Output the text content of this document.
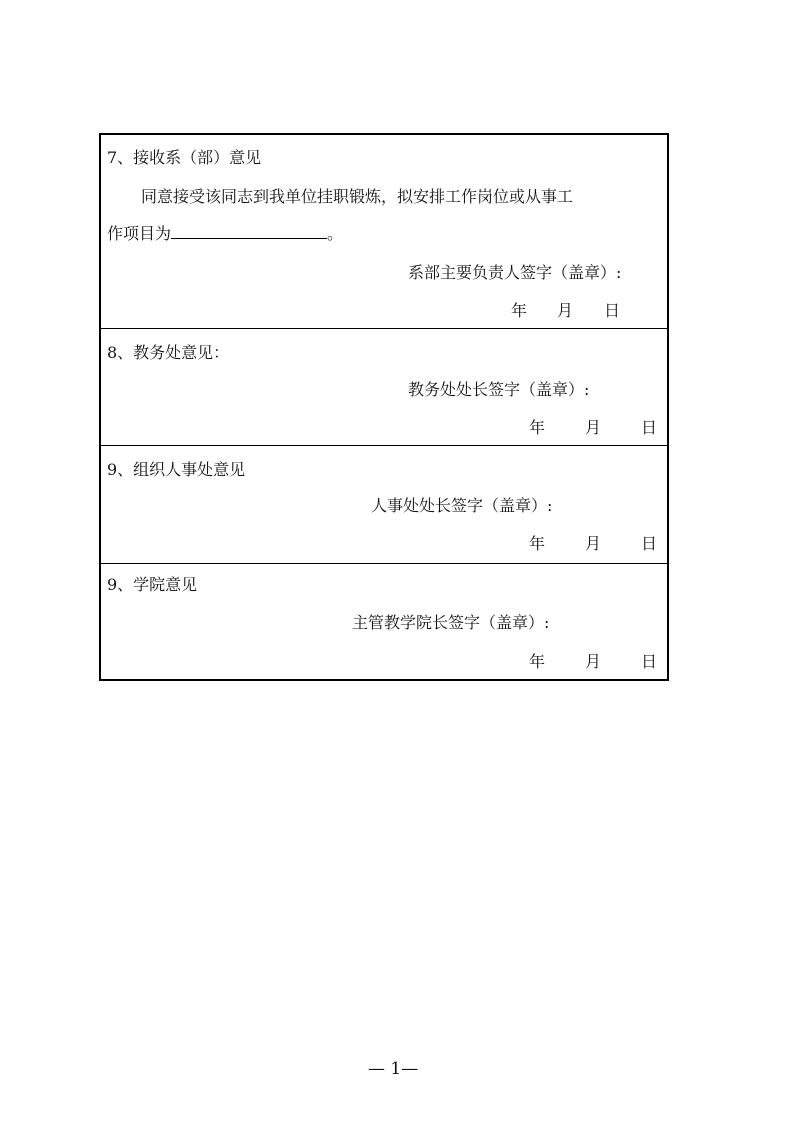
7、接收系（部）意见
同意接受该同志到我单位挂职锻炼，拟安排工作岗位或从事工
作项目为	。
系部主要负责人签字（盖章）:
年 月 日
8、教务处意见：
教务处处长签字（盖章）:
年 月 日
9、组织人事处意见
人事处处长签字（盖章）:
年 月 日
9、学院意见
主管教学院长签字（盖章）:
年 月 日
— 1—
